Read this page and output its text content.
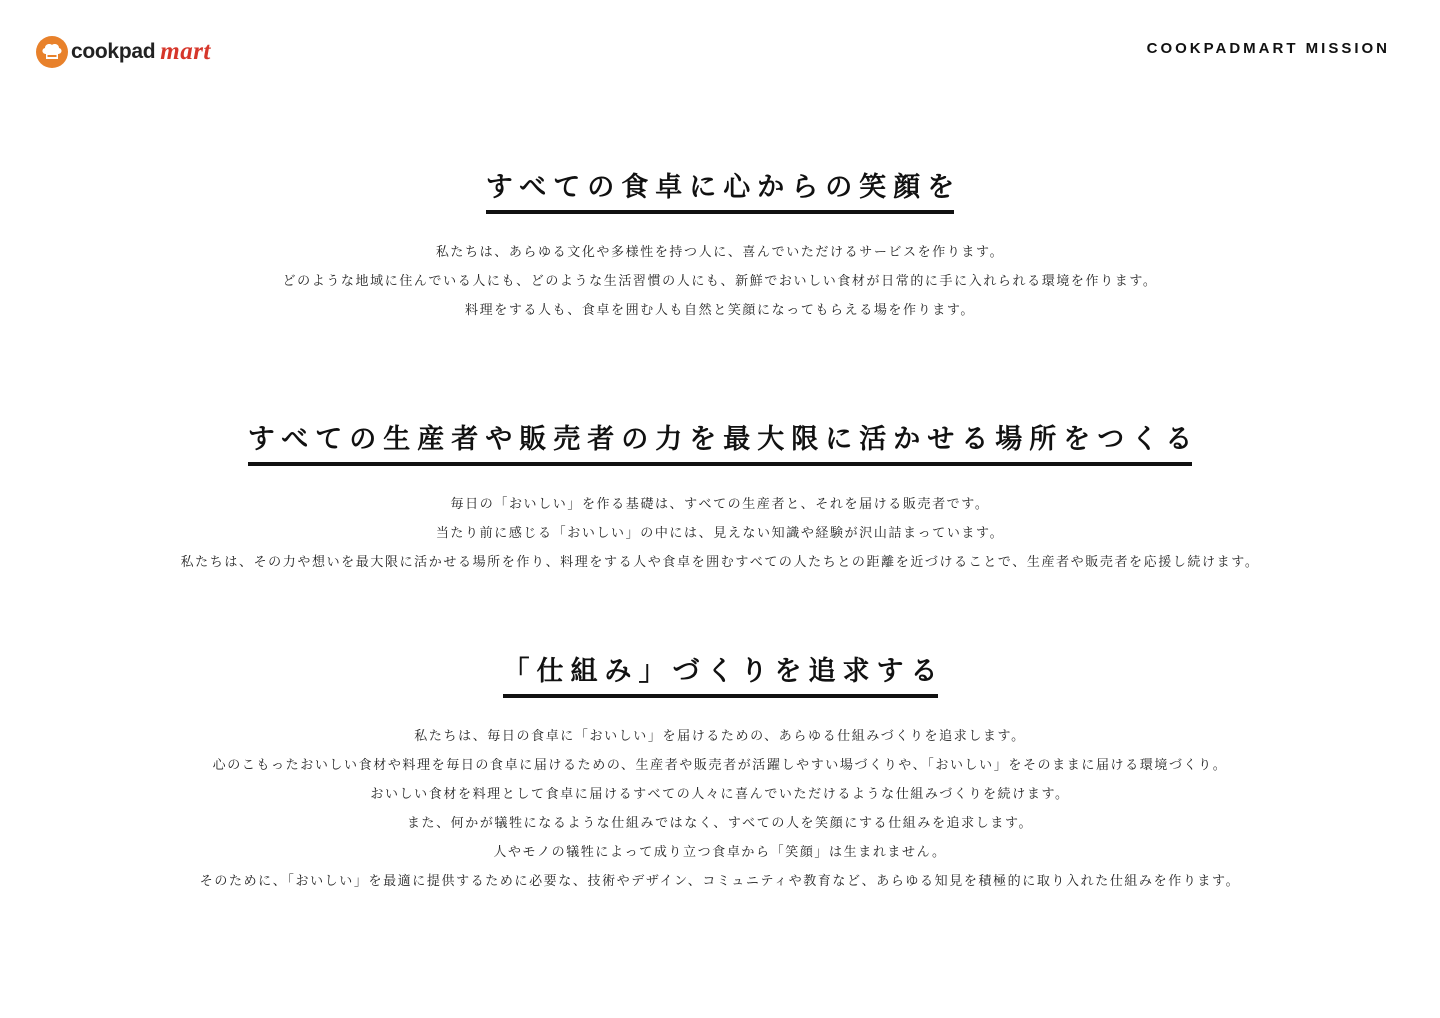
cookpad mart	COOKPADMART MISSION
すべての食卓に心からの笑顔を
私たちは、あらゆる文化や多様性を持つ人に、喜んでいただけるサービスを作ります。
どのような地域に住んでいる人にも、どのような生活習慣の人にも、新鮮でおいしい食材が日常的に手に入れられる環境を作ります。
料理をする人も、食卓を囲む人も自然と笑顔になってもらえる場を作ります。
すべての生産者や販売者の力を最大限に活かせる場所をつくる
毎日の「おいしい」を作る基礎は、すべての生産者と、それを届ける販売者です。
当たり前に感じる「おいしい」の中には、見えない知識や経験が沢山詰まっています。
私たちは、その力や想いを最大限に活かせる場所を作り、料理をする人や食卓を囲むすべての人たちとの距離を近づけることで、生産者や販売者を応援し続けます。
「仕組み」づくりを追求する
私たちは、毎日の食卓に「おいしい」を届けるための、あらゆる仕組みづくりを追求します。
心のこもったおいしい食材や料理を毎日の食卓に届けるための、生産者や販売者が活躍しやすい場づくりや、「おいしい」をそのままに届ける環境づくり。
おいしい食材を料理として食卓に届けるすべての人々に喜んでいただけるような仕組みづくりを続けます。
また、何かが犠牲になるような仕組みではなく、すべての人を笑顔にする仕組みを追求します。
人やモノの犠牲によって成り立つ食卓から「笑顔」は生まれません。
そのために、「おいしい」を最適に提供するために必要な、技術やデザイン、コミュニティや教育など、あらゆる知見を積極的に取り入れた仕組みを作ります。
